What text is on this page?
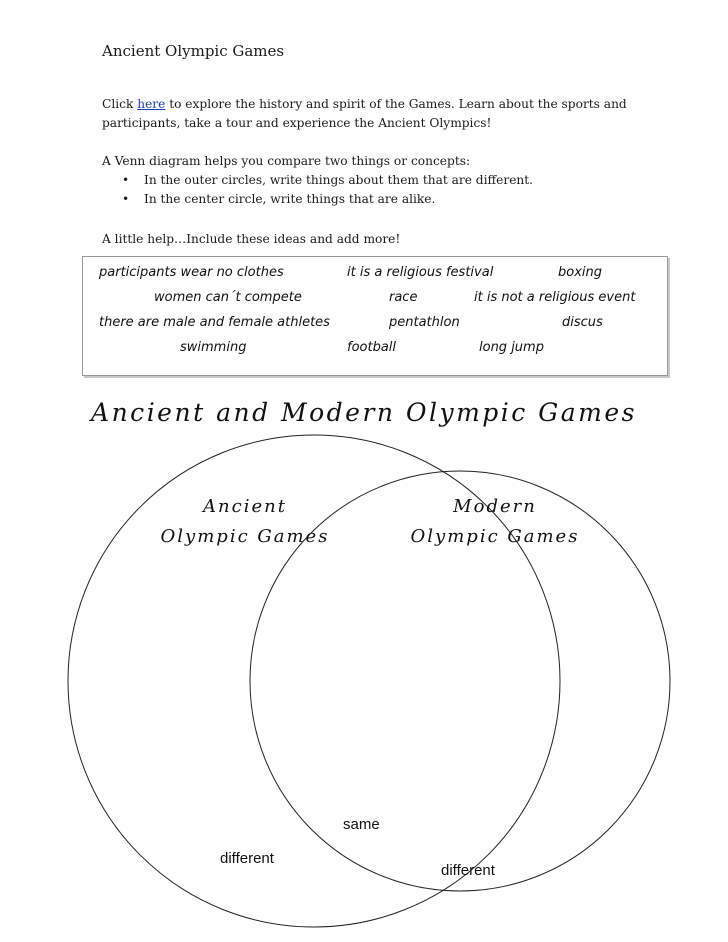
Ancient Olympic Games
Click here to explore the history and spirit of the Games. Learn about the sports and participants, take a tour and experience the Ancient Olympics!
A Venn diagram helps you compare two things or concepts:
• In the outer circles, write things about them that are different.
• In the center circle, write things that are alike.
A little help…Include these ideas and add more!
participants wear no clothes	it is a religious festival	boxing
women can´t compete	race	it is not a religious event
there are male and female athletes	pentathlon	discus
swimming	football	long jump
Ancient and Modern Olympic Games
Ancient
Olympic Games
Modern
Olympic Games
same
different
different
